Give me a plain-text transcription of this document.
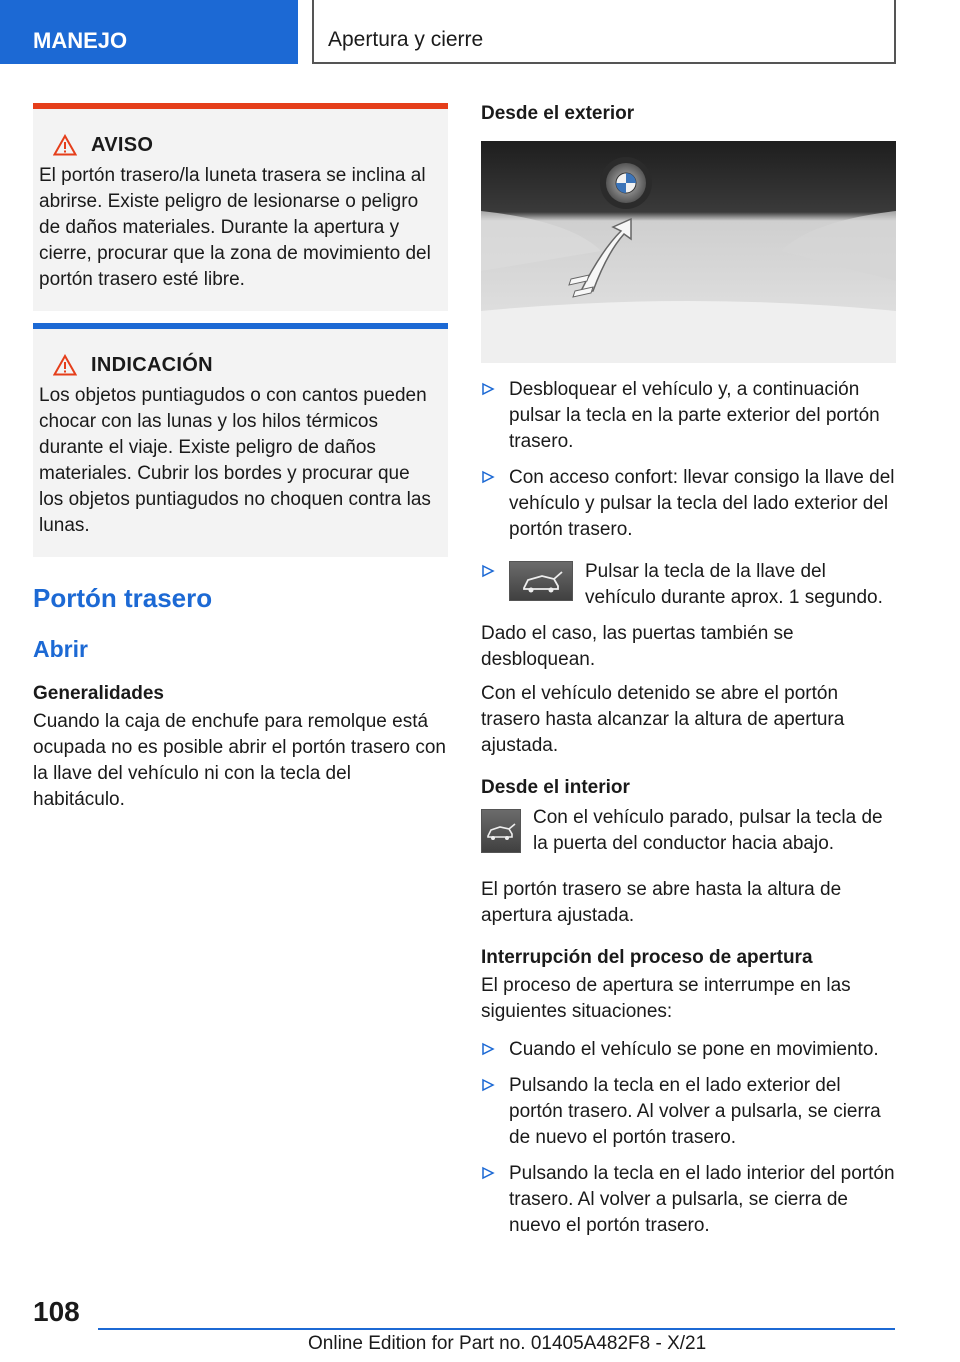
MANEJO	Apertura y cierre
AVISO
El portón trasero/la luneta trasera se inclina al abrirse. Existe peligro de lesionarse o peligro de daños materiales. Durante la apertura y cierre, procurar que la zona de movimiento del portón trasero esté libre.
INDICACIÓN
Los objetos puntiagudos o con cantos pueden chocar con las lunas y los hilos térmicos durante el viaje. Existe peligro de daños materiales. Cubrir los bordes y procurar que los objetos puntiagudos no choquen contra las lunas.
Portón trasero
Abrir
Generalidades

Cuando la caja de enchufe para remolque está ocupada no es posible abrir el portón trasero con la llave del vehículo ni con la tecla del habitáculo.

Desde el exterior
Desbloquear el vehículo y, a continuación pulsar la tecla en la parte exterior del portón trasero.
Con acceso confort: llevar consigo la llave del vehículo y pulsar la tecla del lado exterior del portón trasero.
Pulsar la tecla de la llave del vehículo durante aprox. 1 segundo.

Dado el caso, las puertas también se desbloquean.

Con el vehículo detenido se abre el portón trasero hasta alcanzar la altura de apertura ajustada.

Desde el interior

Con el vehículo parado, pulsar la tecla de la puerta del conductor hacia abajo.

El portón trasero se abre hasta la altura de apertura ajustada.

Interrupción del proceso de apertura

El proceso de apertura se interrumpe en las siguientes situaciones:

Cuando el vehículo se pone en movimiento.
Pulsando la tecla en el lado exterior del portón trasero. Al volver a pulsarla, se cierra de nuevo el portón trasero.
Pulsando la tecla en el lado interior del portón trasero. Al volver a pulsarla, se cierra de nuevo el portón trasero.
108
Online Edition for Part no. 01405A482F8 - X/21
